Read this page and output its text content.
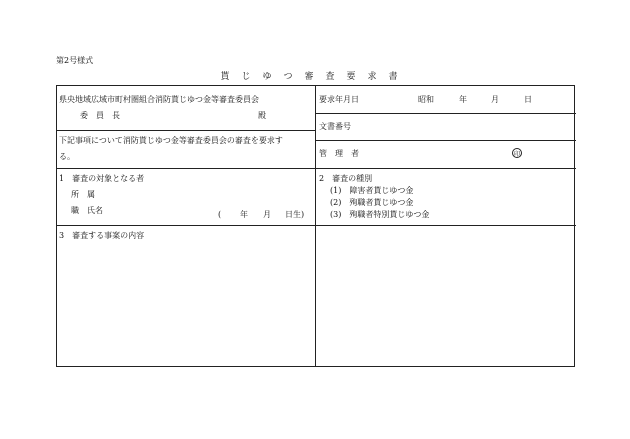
第2号様式
貰じゆつ審査要求書
県央地域広域市町村圏組合消防貰じゆつ金等審査委員会
委　員　長	殿
下記事項について消防貰じゆつ金等審査委員会の審査を要求す
る。
要求年月日	昭和	年	月	日
文書番号
管　理　者	印
1　審査の対象となる者
所　属
職　氏名	( 年 月 日生)
2　審査の種別
(1)　障害者貰じゆつ金
(2)　殉職者貰じゆつ金
(3)　殉職者特別貰じゆつ金
3　審査する事案の内容
